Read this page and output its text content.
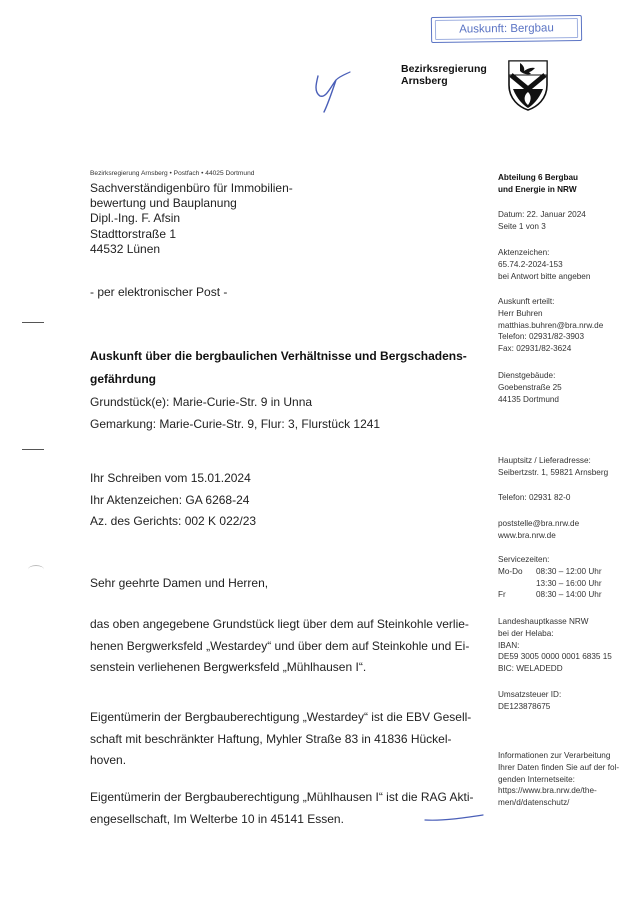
Auskunft: Bergbau
Bezirksregierung
Arnsberg
Bezirksregierung Arnsberg • Postfach • 44025 Dortmund
Sachverständigenbüro für Immobilien-
bewertung und Bauplanung
Dipl.-Ing. F. Afsin
Stadttorstraße 1
44532 Lünen
- per elektronischer Post -
Auskunft über die bergbaulichen Verhältnisse und Bergschadens-
gefährdung
Grundstück(e): Marie-Curie-Str. 9 in Unna
Gemarkung: Marie-Curie-Str. 9, Flur: 3, Flurstück 1241
Ihr Schreiben vom 15.01.2024
Ihr Aktenzeichen: GA 6268-24
Az. des Gerichts: 002 K 022/23
Sehr geehrte Damen und Herren,
das oben angegebene Grundstück liegt über dem auf Steinkohle verlie-
henen Bergwerksfeld „Westardey“ und über dem auf Steinkohle und Ei-
senstein verliehenen Bergwerksfeld „Mühlhausen I“.
Eigentümerin der Bergbauberechtigung „Westardey“ ist die EBV Gesell-
schaft mit beschränkter Haftung, Myhler Straße 83 in 41836 Hückel-
hoven.
Eigentümerin der Bergbauberechtigung „Mühlhausen I“ ist die RAG Akti-
engesellschaft, Im Welterbe 10 in 45141 Essen.
Abteilung 6 Bergbau
und Energie in NRW
Datum: 22. Januar 2024
Seite 1 von 3
Aktenzeichen:
65.74.2-2024-153
bei Antwort bitte angeben
Auskunft erteilt:
Herr Buhren
matthias.buhren@bra.nrw.de
Telefon: 02931/82-3903
Fax: 02931/82-3624
Dienstgebäude:
Goebenstraße 25
44135 Dortmund
Hauptsitz / Lieferadresse:
Seibertzstr. 1, 59821 Arnsberg
Telefon: 02931 82-0
poststelle@bra.nrw.de
www.bra.nrw.de
Servicezeiten:
Mo-Do	08:30 – 12:00 Uhr
13:30 – 16:00 Uhr
Fr	08:30 – 14:00 Uhr
Landeshauptkasse NRW
bei der Helaba:
IBAN:
DE59 3005 0000 0001 6835 15
BIC: WELADEDD
Umsatzsteuer ID:
DE123878675
Informationen zur Verarbeitung
Ihrer Daten finden Sie auf der fol-
genden Internetseite:
https://www.bra.nrw.de/the-
men/d/datenschutz/
